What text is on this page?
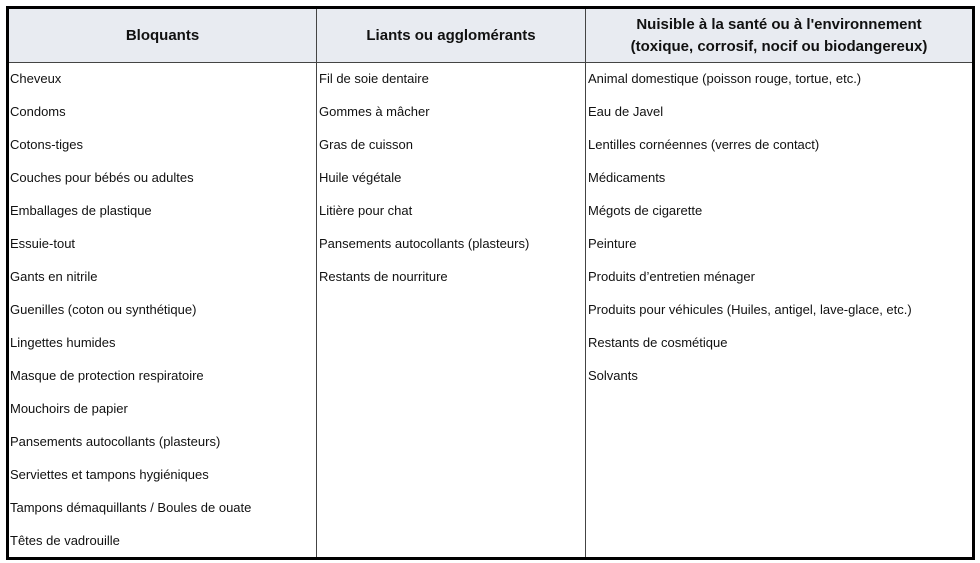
Bloquants	Liants ou agglomérants
Nuisible à la santé ou à l'environnement
(toxique, corrosif, nocif ou biodangereux)
Cheveux
Condoms
Cotons-tiges
Couches pour bébés ou adultes
Emballages de plastique
Essuie-tout
Gants en nitrile
Guenilles (coton ou synthétique)
Lingettes humides
Masque de protection respiratoire
Mouchoirs de papier
Pansements autocollants (plasteurs)
Serviettes et tampons hygiéniques
Tampons démaquillants / Boules de ouate
Têtes de vadrouille
Fil de soie dentaire
Gommes à mâcher
Gras de cuisson
Huile végétale
Litière pour chat
Pansements autocollants (plasteurs)
Restants de nourriture
Animal domestique (poisson rouge, tortue, etc.)
Eau de Javel
Lentilles cornéennes (verres de contact)
Médicaments
Mégots de cigarette
Peinture
Produits d’entretien ménager
Produits pour véhicules (Huiles, antigel, lave-glace, etc.)
Restants de cosmétique
Solvants
